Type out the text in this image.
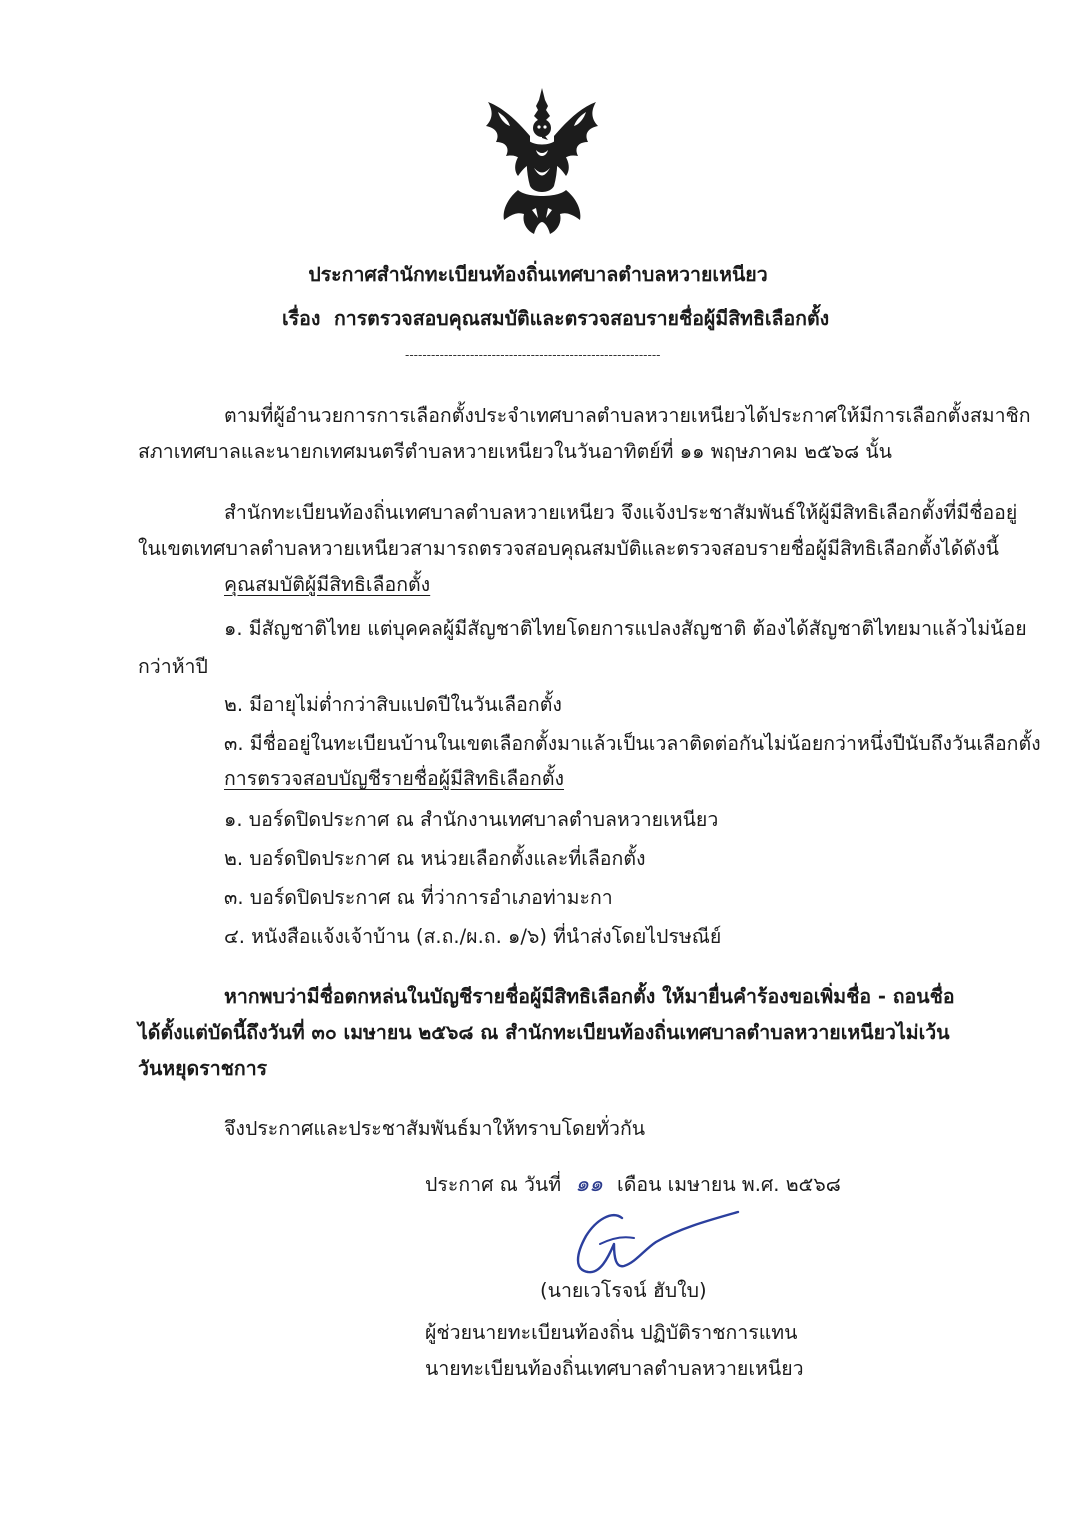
ประกาศสำนักทะเบียนท้องถิ่นเทศบาลตำบลหวายเหนียว
เรื่อง การตรวจสอบคุณสมบัติและตรวจสอบรายชื่อผู้มีสิทธิเลือกตั้ง
-----------------------------------------------------------
ตามที่ผู้อำนวยการการเลือกตั้งประจำเทศบาลตำบลหวายเหนียวได้ประกาศให้มีการเลือกตั้งสมาชิก
สภาเทศบาลและนายกเทศมนตรีตำบลหวายเหนียวในวันอาทิตย์ที่ ๑๑ พฤษภาคม ๒๕๖๘ นั้น
สำนักทะเบียนท้องถิ่นเทศบาลตำบลหวายเหนียว จึงแจ้งประชาสัมพันธ์ให้ผู้มีสิทธิเลือกตั้งที่มีชื่ออยู่
ในเขตเทศบาลตำบลหวายเหนียวสามารถตรวจสอบคุณสมบัติและตรวจสอบรายชื่อผู้มีสิทธิเลือกตั้งได้ดังนี้
คุณสมบัติผู้มีสิทธิเลือกตั้ง
๑. มีสัญชาติไทย แต่บุคคลผู้มีสัญชาติไทยโดยการแปลงสัญชาติ ต้องได้สัญชาติไทยมาแล้วไม่น้อย
กว่าห้าปี
๒. มีอายุไม่ต่ำกว่าสิบแปดปีในวันเลือกตั้ง
๓. มีชื่ออยู่ในทะเบียนบ้านในเขตเลือกตั้งมาแล้วเป็นเวลาติดต่อกันไม่น้อยกว่าหนึ่งปีนับถึงวันเลือกตั้ง
การตรวจสอบบัญชีรายชื่อผู้มีสิทธิเลือกตั้ง
๑. บอร์ดปิดประกาศ ณ สำนักงานเทศบาลตำบลหวายเหนียว
๒. บอร์ดปิดประกาศ ณ หน่วยเลือกตั้งและที่เลือกตั้ง
๓. บอร์ดปิดประกาศ ณ ที่ว่าการอำเภอท่ามะกา
๔. หนังสือแจ้งเจ้าบ้าน (ส.ถ./ผ.ถ. ๑/๖) ที่นำส่งโดยไปรษณีย์
หากพบว่ามีชื่อตกหล่นในบัญชีรายชื่อผู้มีสิทธิเลือกตั้ง ให้มายื่นคำร้องขอเพิ่มชื่อ - ถอนชื่อ
ได้ตั้งแต่บัดนี้ถึงวันที่ ๓๐ เมษายน ๒๕๖๘ ณ สำนักทะเบียนท้องถิ่นเทศบาลตำบลหวายเหนียวไม่เว้น
วันหยุดราชการ
จึงประกาศและประชาสัมพันธ์มาให้ทราบโดยทั่วกัน
ประกาศ ณ วันที่ ๑๑ เดือน เมษายน พ.ศ. ๒๕๖๘
(นายเวโรจน์ ฮับใบ)
ผู้ช่วยนายทะเบียนท้องถิ่น ปฏิบัติราชการแทน
นายทะเบียนท้องถิ่นเทศบาลตำบลหวายเหนียว
